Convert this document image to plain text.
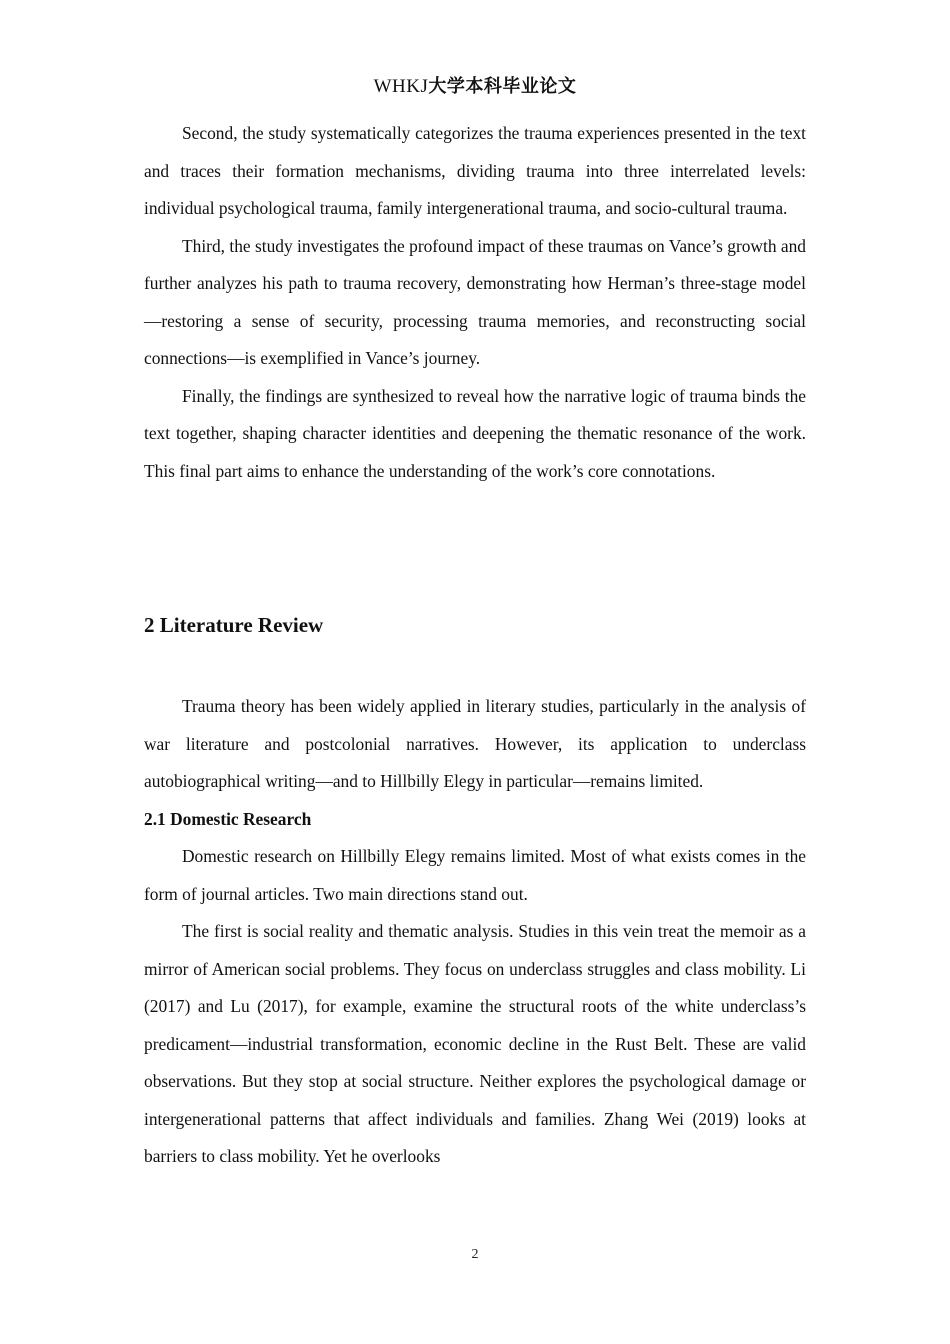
WHKJ大学本科毕业论文

Second, the study systematically categorizes the trauma experiences presented in the text and traces their formation mechanisms, dividing trauma into three interrelated levels: individual psychological trauma, family intergenerational trauma, and socio-cultural trauma.

Third, the study investigates the profound impact of these traumas on Vance’s growth and further analyzes his path to trauma recovery, demonstrating how Herman’s three-stage model—restoring a sense of security, processing trauma memories, and reconstructing social connections—is exemplified in Vance’s journey.

Finally, the findings are synthesized to reveal how the narrative logic of trauma binds the text together, shaping character identities and deepening the thematic resonance of the work. This final part aims to enhance the understanding of the work’s core connotations.

2 Literature Review

Trauma theory has been widely applied in literary studies, particularly in the analysis of war literature and postcolonial narratives. However, its application to underclass autobiographical writing—and to Hillbilly Elegy in particular—remains limited.

2.1 Domestic Research

Domestic research on Hillbilly Elegy remains limited. Most of what exists comes in the form of journal articles. Two main directions stand out.

The first is social reality and thematic analysis. Studies in this vein treat the memoir as a mirror of American social problems. They focus on underclass struggles and class mobility. Li (2017) and Lu (2017), for example, examine the structural roots of the white underclass’s predicament—industrial transformation, economic decline in the Rust Belt. These are valid observations. But they stop at social structure. Neither explores the psychological damage or intergenerational patterns that affect individuals and families. Zhang Wei (2019) looks at barriers to class mobility. Yet he overlooks

2
